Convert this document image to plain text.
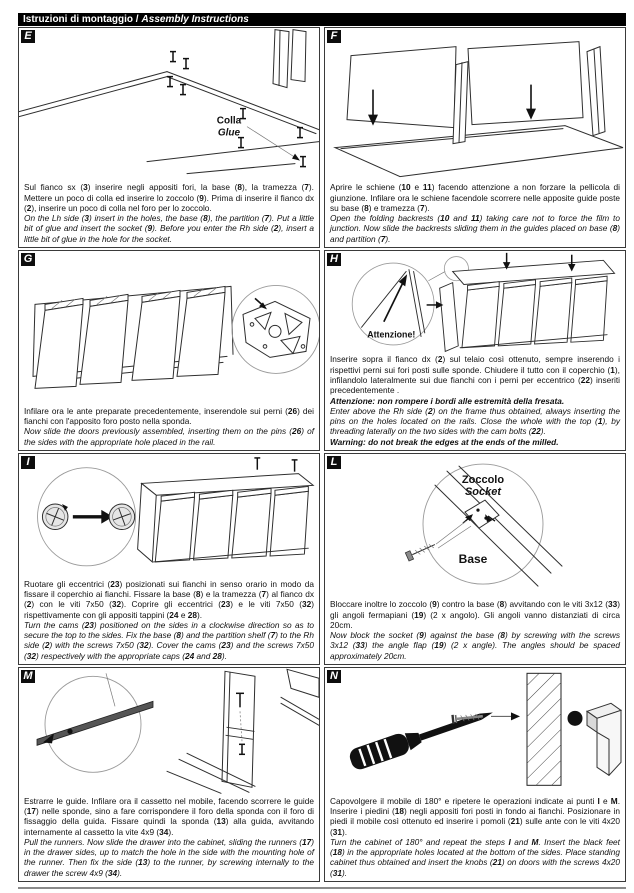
Istruzioni di montaggio / Assembly Instructions
E
Colla
Glue

Sul fianco sx (3) inserire negli appositi fori, la base (8), la tramezza (7). Mettere un poco di colla ed inserire lo zoccolo (9). Prima di inserire il fianco dx (2), inserire un poco di colla nel foro per lo zoccolo.

On the Lh side (3) insert in the holes, the base (8), the partition (7). Put a little bit of glue and insert the socket (9). Before you enter the Rh side (2), insert a little bit of glue in the hole for the socket.

F

Aprire le schiene (10 e 11) facendo attenzione a non forzare la pellicola di giunzione. Infilare ora le schiene facendole scorrere nelle apposite guide poste su base (8) e tramezza (7).

Open the folding backrests (10 and 11) taking care not to force the film to junction. Now slide the backrests sliding them in the guides placed on base (8) and partition (7).

G

Infilare ora le ante preparate precedentemente, inserendole sui perni (26) dei fianchi con l'apposito foro posto nella sponda.

Now slide the doors previously assembled, inserting them on the pins (26) of the sides with the appropriate hole placed in the rail.

H
Attenzione!

Inserire sopra il fianco dx (2) sul telaio così ottenuto, sempre inserendo i rispettivi perni sui fori posti sulle sponde. Chiudere il tutto con il coperchio (1), infilandolo lateralmente sui due fianchi con i perni per eccentrico (22) inseriti precedentemente .

Attenzione: non rompere i bordi alle estremità della fresata.

Enter above the Rh side (2) on the frame thus obtained, always inserting the pins on the holes located on the rails. Close the whole with the top (1), by threading laterally on the two sides with the cam bolts (22).

Warning: do not break the edges at the ends of the milled.

I

Ruotare gli eccentrici (23) posizionati sui fianchi in senso orario in modo da fissare il coperchio ai fianchi. Fissare la base (8) e la tramezza (7) al fianco dx (2) con le viti 7x50 (32). Coprire gli eccentrici (23) e le viti 7x50 (32) rispettivamente con gli appositi tappini (24 e 28).

Turn the cams (23) positioned on the sides in a clockwise direction so as to secure the top to the sides. Fix the base (8) and the partition shelf (7) to the Rh side (2) with the screws 7x50 (32). Cover the cams (23) and the screws 7x50 (32) respectively with the appropriate caps (24 and 28).

L
Zoccolo
Socket
Base

Bloccare inoltre lo zoccolo (9) contro la base (8) avvitando con le viti 3x12 (33) gli angoli fermapiani (19) (2 x angolo). Gli angoli vanno distanziati di circa 20cm.

Now block the socket (9) against the base (8) by screwing with the screws 3x12 (33) the angle flap (19) (2 x angle). The angles should be spaced approximately 20cm.

M

Estrarre le guide. Infilare ora il cassetto nel mobile, facendo scorrere le guide (17) nelle sponde, sino a fare corrispondere il foro della sponda con il foro di fissaggio della guida. Fissare quindi la sponda (13) alla guida, avvitando internamente al cassetto la vite 4x9 (34).

Pull the runners. Now slide the drawer into the cabinet, sliding the runners (17) in the drawer sides, up to match the hole in the side with the mounting hole of the runner. Then fix the side (13) to the runner, by screwing internally to the drawer the screw 4x9 (34).

N

Capovolgere il mobile di 180° e ripetere le operazioni indicate ai punti I e M. Inserire i piedini (18) negli appositi fori posti in fondo ai fianchi. Posizionare in piedi il mobile così ottenuto ed inserire i pomoli (21) sulle ante con le viti 4x20 (31).

Turn the cabinet of 180° and repeat the steps I and M. Insert the black feet (18) in the appropriate holes located at the bottom of the sides. Place standing cabinet thus obtained and insert the knobs (21) on doors with the screws 4x20 (31).
